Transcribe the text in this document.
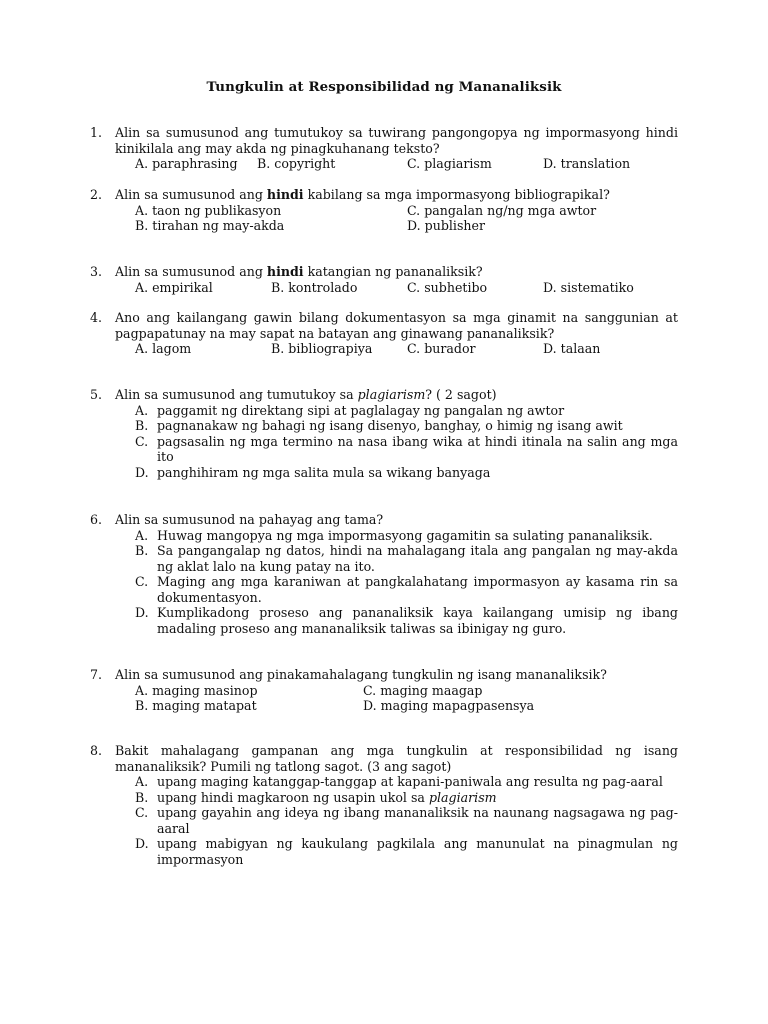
Tungkulin at Responsibilidad ng Mananaliksik
1.	Alin sa sumusunod ang tumutukoy sa tuwirang pangongopya ng impormasyong hindi kinikilala ang may akda ng pinagkuhanang teksto?
A. paraphrasing	B. copyright	C. plagiarism	D. translation
2.	Alin sa sumusunod ang hindi kabilang sa mga impormasyong bibliograpikal?
A. taon ng publikasyon	C. pangalan ng/ng mga awtor
B. tirahan ng may-akda	D. publisher
3.	Alin sa sumusunod ang hindi katangian ng pananaliksik?
A. empirikal	B. kontrolado	C. subhetibo	D. sistematiko
4.	Ano ang kailangang gawin bilang dokumentasyon sa mga ginamit na sanggunian at pagpapatunay na may sapat na batayan ang ginawang pananaliksik?
A. lagom	B. bibliograpiya	C. burador	D. talaan
5.	Alin sa sumusunod ang tumutukoy sa plagiarism? ( 2 sagot)
A. paggamit ng direktang sipi at paglalagay ng pangalan ng awtor
B. pagnanakaw ng bahagi ng isang disenyo, banghay, o himig ng isang awit
C. pagsasalin ng mga termino na nasa ibang wika at hindi itinala na salin ang mga ito
D. panghihiram ng mga salita mula sa wikang banyaga
6.	Alin sa sumusunod na pahayag ang tama?
A. Huwag mangopya ng mga impormasyong gagamitin sa sulating pananaliksik.
B. Sa pangangalap ng datos, hindi na mahalagang itala ang pangalan ng may-akda ng aklat lalo na kung patay na ito.
C. Maging ang mga karaniwan at pangkalahatang impormasyon ay kasama rin sa dokumentasyon.
D. Kumplikadong proseso ang pananaliksik kaya kailangang umisip ng ibang madaling proseso ang mananaliksik taliwas sa ibinigay ng guro.
7.	Alin sa sumusunod ang pinakamahalagang tungkulin ng isang mananaliksik?
A. maging masinop	C. maging maagap
B. maging matapat	D. maging mapagpasensya
8.	Bakit mahalagang gampanan ang mga tungkulin at responsibilidad ng isang mananaliksik? Pumili ng tatlong sagot. (3 ang sagot)
A. upang maging katanggap-tanggap at kapani-paniwala ang resulta ng pag-aaral
B. upang hindi magkaroon ng usapin ukol sa plagiarism
C. upang gayahin ang ideya ng ibang mananaliksik na naunang nagsagawa ng pag- aaral
D. upang mabigyan ng kaukulang pagkilala ang manunulat na pinagmulan ng impormasyon
